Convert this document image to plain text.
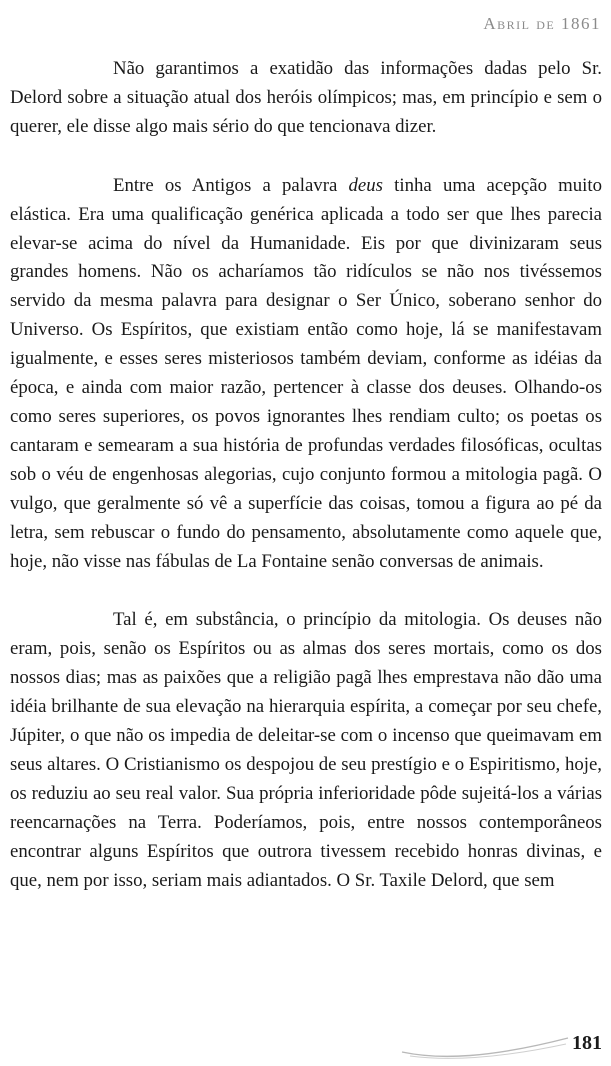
Abril de 1861

Não garantimos a exatidão das informações dadas pelo Sr. Delord sobre a situação atual dos heróis olímpicos; mas, em princípio e sem o querer, ele disse algo mais sério do que tencionava dizer.

Entre os Antigos a palavra deus tinha uma acepção muito elástica. Era uma qualificação genérica aplicada a todo ser que lhes parecia elevar-se acima do nível da Humanidade. Eis por que divinizaram seus grandes homens. Não os acharíamos tão ridículos se não nos tivéssemos servido da mesma palavra para designar o Ser Único, soberano senhor do Universo. Os Espíritos, que existiam então como hoje, lá se manifestavam igualmente, e esses seres misteriosos também deviam, conforme as idéias da época, e ainda com maior razão, pertencer à classe dos deuses. Olhando-os como seres superiores, os povos ignorantes lhes rendiam culto; os poetas os cantaram e semearam a sua história de profundas verdades filosóficas, ocultas sob o véu de engenhosas alegorias, cujo conjunto formou a mitologia pagã. O vulgo, que geralmente só vê a superfície das coisas, tomou a figura ao pé da letra, sem rebuscar o fundo do pensamento, absolutamente como aquele que, hoje, não visse nas fábulas de La Fontaine senão conversas de animais.

Tal é, em substância, o princípio da mitologia. Os deuses não eram, pois, senão os Espíritos ou as almas dos seres mortais, como os dos nossos dias; mas as paixões que a religião pagã lhes emprestava não dão uma idéia brilhante de sua elevação na hierarquia espírita, a começar por seu chefe, Júpiter, o que não os impedia de deleitar-se com o incenso que queimavam em seus altares. O Cristianismo os despojou de seu prestígio e o Espiritismo, hoje, os reduziu ao seu real valor. Sua própria inferioridade pôde sujeitá-los a várias reencarnações na Terra. Poderíamos, pois, entre nossos contemporâneos encontrar alguns Espíritos que outrora tivessem recebido honras divinas, e que, nem por isso, seriam mais adiantados. O Sr. Taxile Delord, que sem

181
